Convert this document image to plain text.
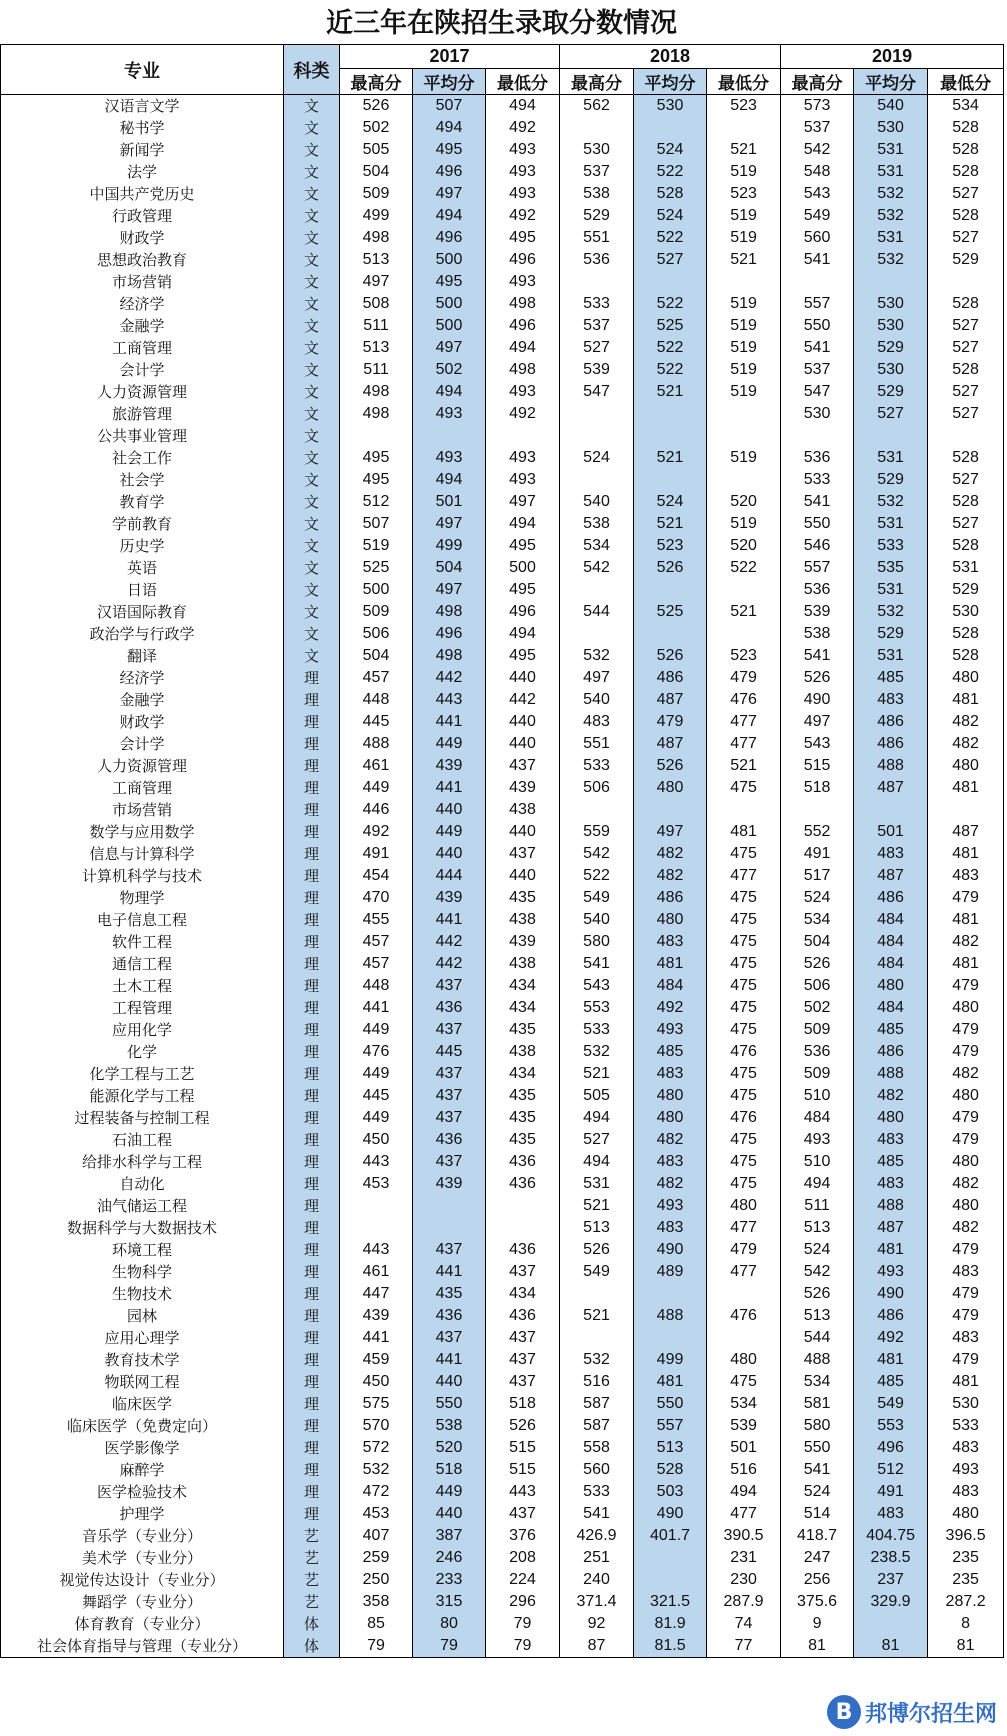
近三年在陕招生录取分数情况
专业	科类	2017			2018			2019		
		最高分	平均分	最低分	最高分	平均分	最低分	最高分	平均分	最低分
汉语言文学	文	526	507	494	562	530	523	573	540	534
秘书学	文	502	494	492				537	530	528
新闻学	文	505	495	493	530	524	521	542	531	528
法学	文	504	496	493	537	522	519	548	531	528
中国共产党历史	文	509	497	493	538	528	523	543	532	527
行政管理	文	499	494	492	529	524	519	549	532	528
财政学	文	498	496	495	551	522	519	560	531	527
思想政治教育	文	513	500	496	536	527	521	541	532	529
市场营销	文	497	495	493						
经济学	文	508	500	498	533	522	519	557	530	528
金融学	文	511	500	496	537	525	519	550	530	527
工商管理	文	513	497	494	527	522	519	541	529	527
会计学	文	511	502	498	539	522	519	537	530	528
人力资源管理	文	498	494	493	547	521	519	547	529	527
旅游管理	文	498	493	492				530	527	527
公共事业管理	文									
社会工作	文	495	493	493	524	521	519	536	531	528
社会学	文	495	494	493				533	529	527
教育学	文	512	501	497	540	524	520	541	532	528
学前教育	文	507	497	494	538	521	519	550	531	527
历史学	文	519	499	495	534	523	520	546	533	528
英语	文	525	504	500	542	526	522	557	535	531
日语	文	500	497	495				536	531	529
汉语国际教育	文	509	498	496	544	525	521	539	532	530
政治学与行政学	文	506	496	494				538	529	528
翻译	文	504	498	495	532	526	523	541	531	528
经济学	理	457	442	440	497	486	479	526	485	480
金融学	理	448	443	442	540	487	476	490	483	481
财政学	理	445	441	440	483	479	477	497	486	482
会计学	理	488	449	440	551	487	477	543	486	482
人力资源管理	理	461	439	437	533	526	521	515	488	480
工商管理	理	449	441	439	506	480	475	518	487	481
市场营销	理	446	440	438						
数学与应用数学	理	492	449	440	559	497	481	552	501	487
信息与计算科学	理	491	440	437	542	482	475	491	483	481
计算机科学与技术	理	454	444	440	522	482	477	517	487	483
物理学	理	470	439	435	549	486	475	524	486	479
电子信息工程	理	455	441	438	540	480	475	534	484	481
软件工程	理	457	442	439	580	483	475	504	484	482
通信工程	理	457	442	438	541	481	475	526	484	481
土木工程	理	448	437	434	543	484	475	506	480	479
工程管理	理	441	436	434	553	492	475	502	484	480
应用化学	理	449	437	435	533	493	475	509	485	479
化学	理	476	445	438	532	485	476	536	486	479
化学工程与工艺	理	449	437	434	521	483	475	509	488	482
能源化学与工程	理	445	437	435	505	480	475	510	482	480
过程装备与控制工程	理	449	437	435	494	480	476	484	480	479
石油工程	理	450	436	435	527	482	475	493	483	479
给排水科学与工程	理	443	437	436	494	483	475	510	485	480
自动化	理	453	439	436	531	482	475	494	483	482
油气储运工程	理				521	493	480	511	488	480
数据科学与大数据技术	理				513	483	477	513	487	482
环境工程	理	443	437	436	526	490	479	524	481	479
生物科学	理	461	441	437	549	489	477	542	493	483
生物技术	理	447	435	434				526	490	479
园林	理	439	436	436	521	488	476	513	486	479
应用心理学	理	441	437	437				544	492	483
教育技术学	理	459	441	437	532	499	480	488	481	479
物联网工程	理	450	440	437	516	481	475	534	485	481
临床医学	理	575	550	518	587	550	534	581	549	530
临床医学（免费定向）	理	570	538	526	587	557	539	580	553	533
医学影像学	理	572	520	515	558	513	501	550	496	483
麻醉学	理	532	518	515	560	528	516	541	512	493
医学检验技术	理	472	449	443	533	503	494	524	491	483
护理学	理	453	440	437	541	490	477	514	483	480
音乐学（专业分）	艺	407	387	376	426.9	401.7	390.5	418.7	404.75	396.5
美术学（专业分）	艺	259	246	208	251		231	247	238.5	235
视觉传达设计（专业分）	艺	250	233	224	240		230	256	237	235
舞蹈学（专业分）	艺	358	315	296	371.4	321.5	287.9	375.6	329.9	287.2
体育教育（专业分）	体	85	80	79	92	81.9	74	9		8
社会体育指导与管理（专业分）	体	79	79	79	87	81.5	77	81	81	81
B 邦博尔招生网
